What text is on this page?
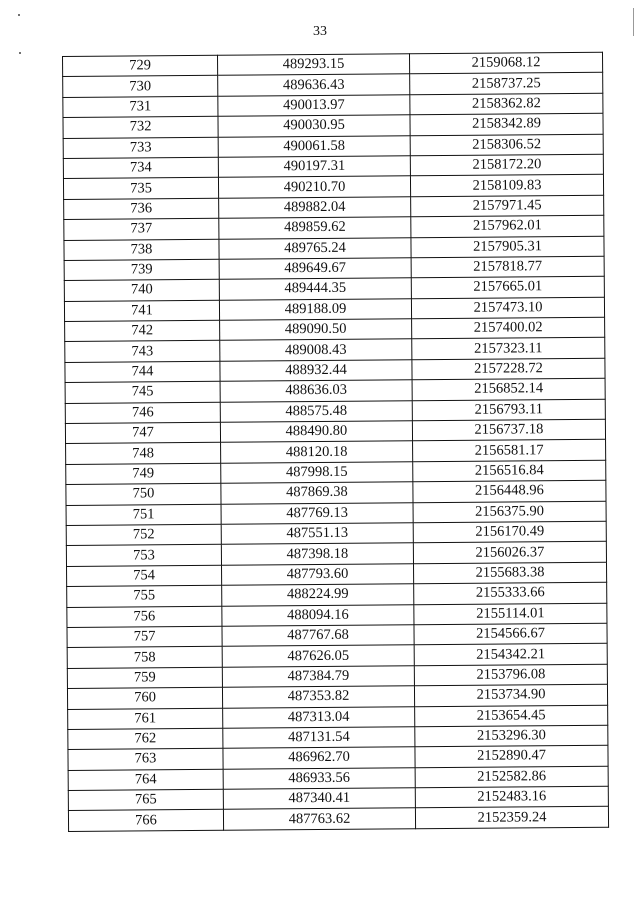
33
729	489293.15	2159068.12
730	489636.43	2158737.25
731	490013.97	2158362.82
732	490030.95	2158342.89
733	490061.58	2158306.52
734	490197.31	2158172.20
735	490210.70	2158109.83
736	489882.04	2157971.45
737	489859.62	2157962.01
738	489765.24	2157905.31
739	489649.67	2157818.77
740	489444.35	2157665.01
741	489188.09	2157473.10
742	489090.50	2157400.02
743	489008.43	2157323.11
744	488932.44	2157228.72
745	488636.03	2156852.14
746	488575.48	2156793.11
747	488490.80	2156737.18
748	488120.18	2156581.17
749	487998.15	2156516.84
750	487869.38	2156448.96
751	487769.13	2156375.90
752	487551.13	2156170.49
753	487398.18	2156026.37
754	487793.60	2155683.38
755	488224.99	2155333.66
756	488094.16	2155114.01
757	487767.68	2154566.67
758	487626.05	2154342.21
759	487384.79	2153796.08
760	487353.82	2153734.90
761	487313.04	2153654.45
762	487131.54	2153296.30
763	486962.70	2152890.47
764	486933.56	2152582.86
765	487340.41	2152483.16
766	487763.62	2152359.24
